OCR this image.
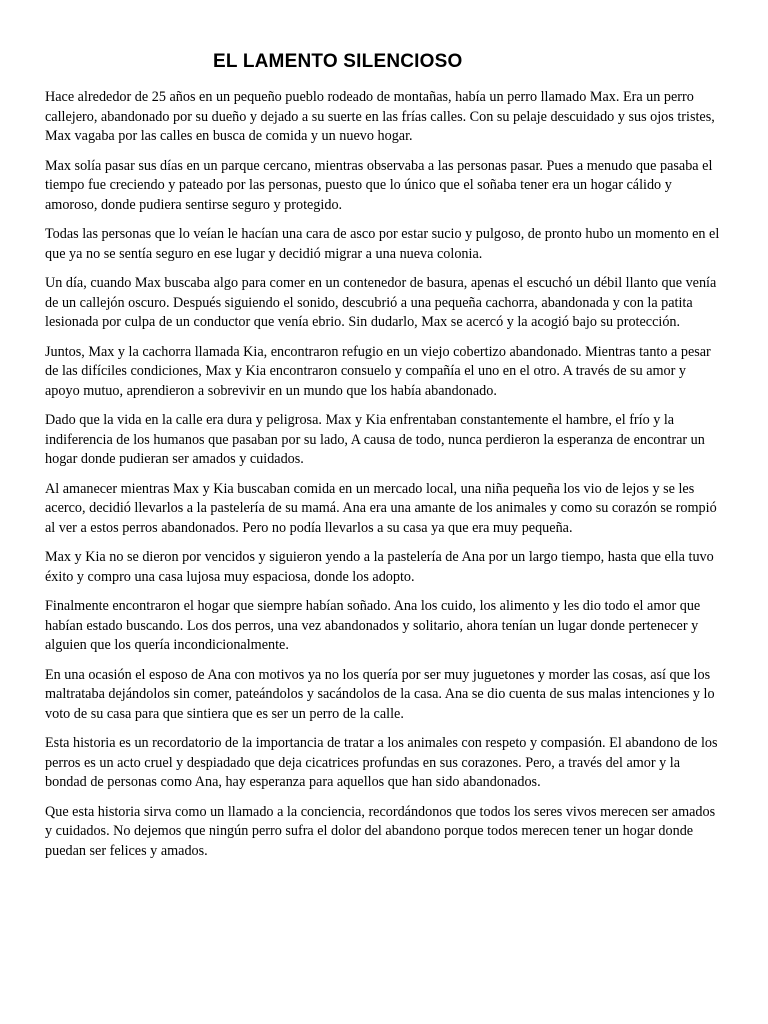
EL LAMENTO SILENCIOSO

Hace alrededor de 25 años en un pequeño pueblo rodeado de montañas, había un perro llamado Max. Era un perro callejero, abandonado por su dueño y dejado a su suerte en las frías calles. Con su pelaje descuidado y sus ojos tristes, Max vagaba por las calles en busca de comida y un nuevo hogar.

Max solía pasar sus días en un parque cercano, mientras observaba a las personas pasar. Pues a menudo que pasaba el tiempo fue creciendo y pateado por las personas, puesto que lo único que el soñaba tener era un hogar cálido y amoroso, donde pudiera sentirse seguro y protegido.

Todas las personas que lo veían le hacían una cara de asco por estar sucio y pulgoso, de pronto hubo un momento en el que ya no se sentía seguro en ese lugar y decidió migrar a una nueva colonia.

Un día, cuando Max buscaba algo para comer en un contenedor de basura, apenas el escuchó un débil llanto que venía de un callejón oscuro. Después siguiendo el sonido, descubrió a una pequeña cachorra, abandonada y con la patita lesionada por culpa de un conductor que venía ebrio. Sin dudarlo, Max se acercó y la acogió bajo su protección.

Juntos, Max y la cachorra llamada Kia, encontraron refugio en un viejo cobertizo abandonado. Mientras tanto a pesar de las difíciles condiciones, Max y Kia encontraron consuelo y compañía el uno en el otro. A través de su amor y apoyo mutuo, aprendieron a sobrevivir en un mundo que los había abandonado.

Dado que la vida en la calle era dura y peligrosa. Max y Kia enfrentaban constantemente el hambre, el frío y la indiferencia de los humanos que pasaban por su lado, A causa de todo, nunca perdieron la esperanza de encontrar un hogar donde pudieran ser amados y cuidados.

Al amanecer mientras Max y Kia buscaban comida en un mercado local, una niña pequeña los vio de lejos y se les acerco, decidió llevarlos a la pastelería de su mamá. Ana era una amante de los animales y como su corazón se rompió al ver a estos perros abandonados. Pero no podía llevarlos a su casa ya que era muy pequeña.

Max y Kia no se dieron por vencidos y siguieron yendo a la pastelería de Ana por un largo tiempo, hasta que ella tuvo éxito y compro una casa lujosa muy espaciosa, donde los adopto.

Finalmente encontraron el hogar que siempre habían soñado. Ana los cuido, los alimento y les dio todo el amor que habían estado buscando. Los dos perros, una vez abandonados y solitario, ahora tenían un lugar donde pertenecer y alguien que los quería incondicionalmente.

En una ocasión el esposo de Ana con motivos ya no los quería por ser muy juguetones y morder las cosas, así que los maltrataba dejándolos sin comer, pateándolos y sacándolos de la casa. Ana se dio cuenta de sus malas intenciones y lo voto de su casa para que sintiera que es ser un perro de la calle.

Esta historia es un recordatorio de la importancia de tratar a los animales con respeto y compasión. El abandono de los perros es un acto cruel y despiadado que deja cicatrices profundas en sus corazones. Pero, a través del amor y la bondad de personas como Ana, hay esperanza para aquellos que han sido abandonados.

Que esta historia sirva como un llamado a la conciencia, recordándonos que todos los seres vivos merecen ser amados y cuidados. No dejemos que ningún perro sufra el dolor del abandono porque todos merecen tener un hogar donde puedan ser felices y amados.
